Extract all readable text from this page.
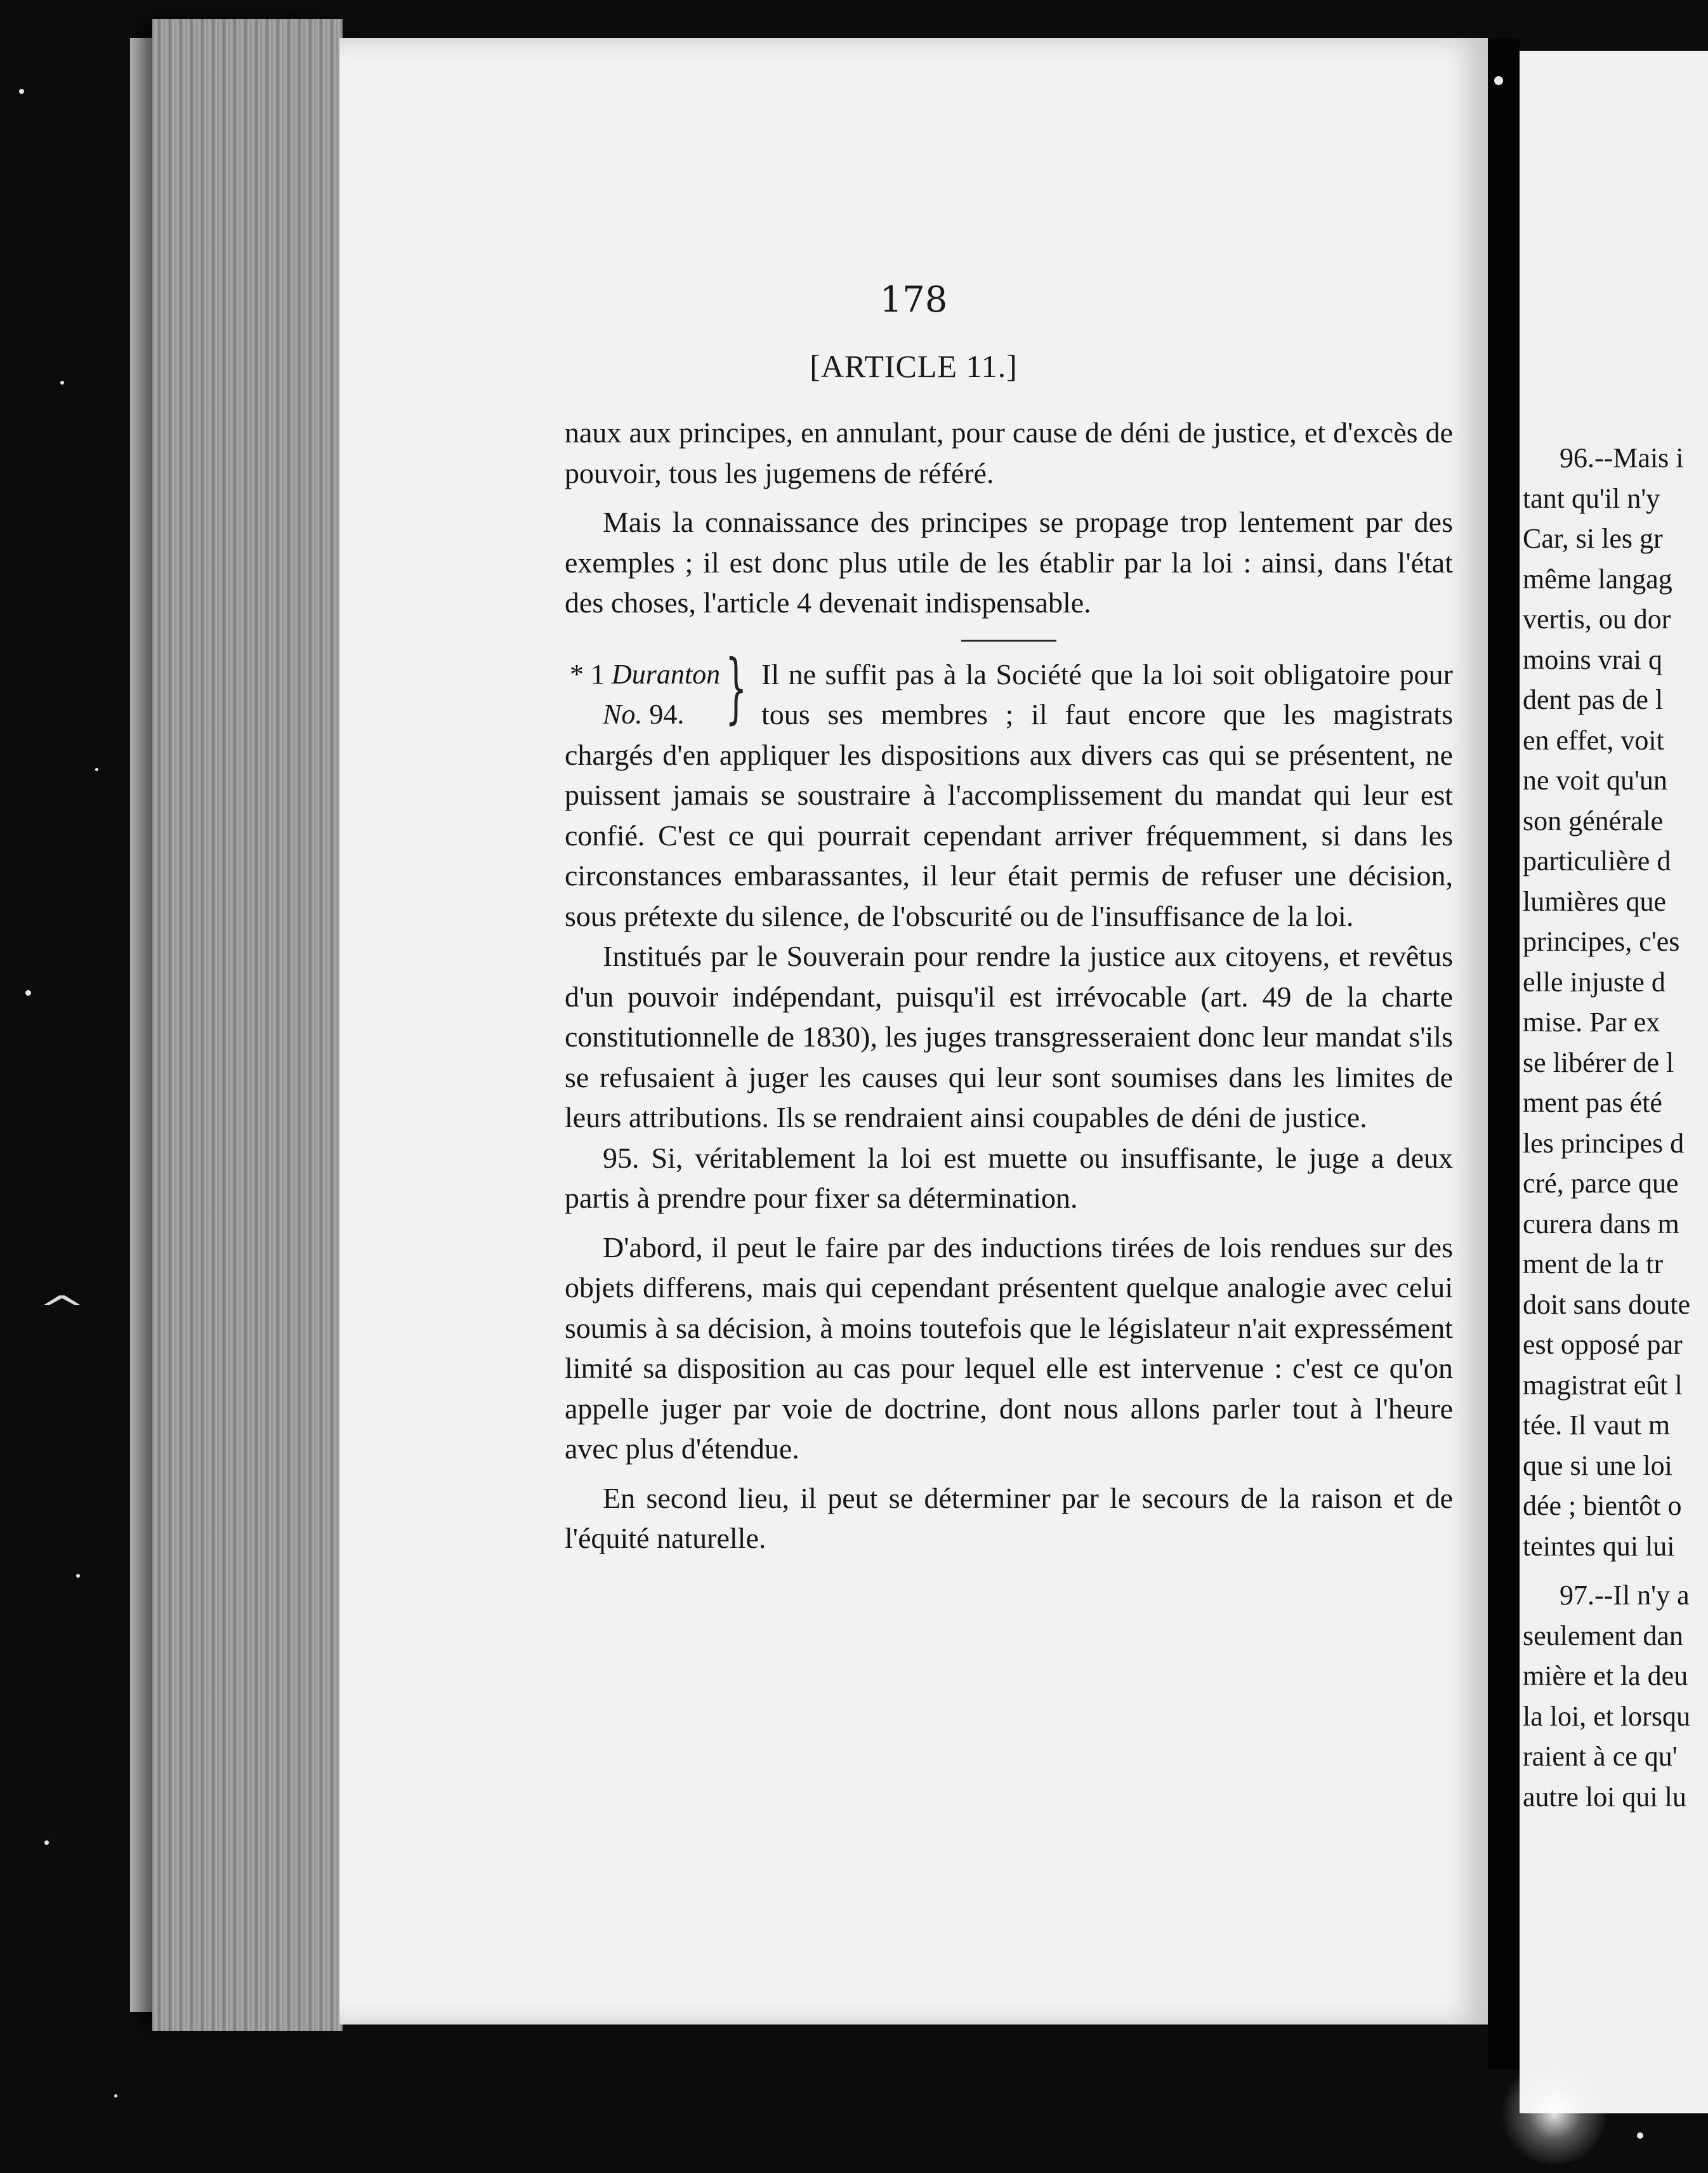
178
[ARTICLE 11.]

naux aux principes, en annulant, pour cause de déni de justice, et d'excès de pouvoir, tous les jugemens de référé.

Mais la connaissance des principes se propage trop lentement par des exemples ; il est donc plus utile de les établir par la loi : ainsi, dans l'état des choses, l'article 4 devenait indispensable.

* 1 Duranton
No. 94. } Il ne suffit pas à la Société que la loi soit obligatoire pour tous ses membres ; il faut encore que les magistrats chargés d'en appliquer les dispositions aux divers cas qui se présentent, ne puissent jamais se soustraire à l'accomplissement du mandat qui leur est confié. C'est ce qui pourrait cependant arriver fréquemment, si dans les circonstances embarassantes, il leur était permis de refuser une décision, sous prétexte du silence, de l'obscurité ou de l'insuffisance de la loi.

Institués par le Souverain pour rendre la justice aux citoyens, et revêtus d'un pouvoir indépendant, puisqu'il est irrévocable (art. 49 de la charte constitutionnelle de 1830), les juges transgresseraient donc leur mandat s'ils se refusaient à juger les causes qui leur sont soumises dans les limites de leurs attributions. Ils se rendraient ainsi coupables de déni de justice.

95. Si, véritablement la loi est muette ou insuffisante, le juge a deux partis à prendre pour fixer sa détermination.

D'abord, il peut le faire par des inductions tirées de lois rendues sur des objets differens, mais qui cependant présentent quelque analogie avec celui soumis à sa décision, à moins toutefois que le législateur n'ait expressément limité sa disposition au cas pour lequel elle est intervenue : c'est ce qu'on appelle juger par voie de doctrine, dont nous allons parler tout à l'heure avec plus d'étendue.

En second lieu, il peut se déterminer par le secours de la raison et de l'équité naturelle.

96.--Mais i
tant qu'il n'y
Car, si les gr
même langag
vertis, ou dor
moins vrai q
dent pas de l
en effet, voit
ne voit qu'un
son générale
particulière d
lumières que
principes, c'es
elle injuste d
mise. Par ex
se libérer de l
ment pas été
les principes d
cré, parce que
curera dans m
ment de la tr
doit sans doute
est opposé par
magistrat eût l
tée. Il vaut m
que si une loi
dée ; bientôt o
teintes qui lui
97.--Il n'y a
seulement dan
mière et la deu
la loi, et lorsqu
raient à ce qu'
autre loi qui lu
^
